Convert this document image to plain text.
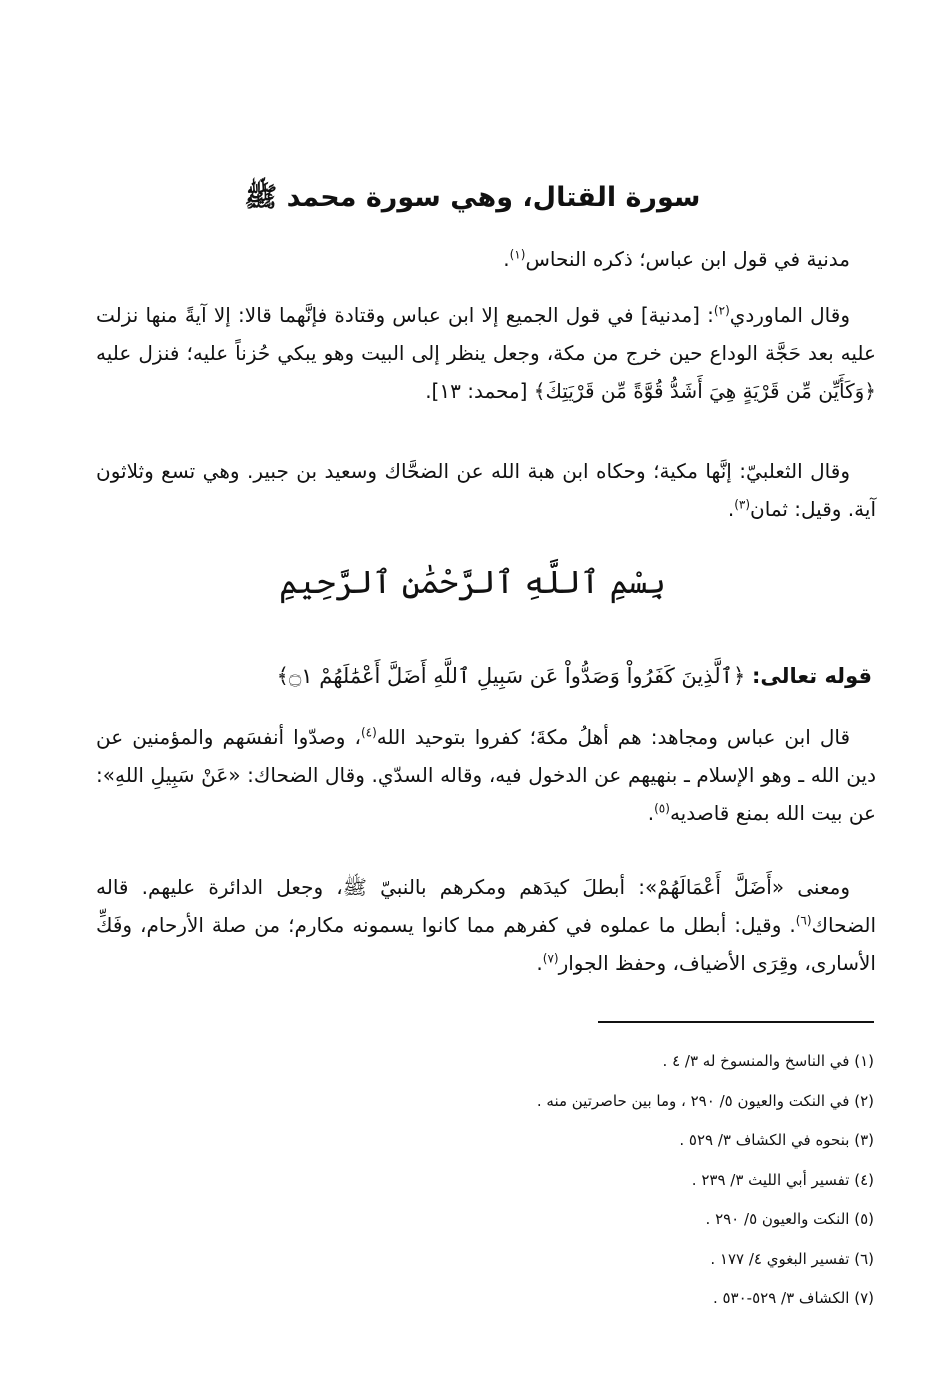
سورة القتال، وهي سورة محمد ﷺ

مدنية في قول ابن عباس؛ ذكره النحاس$^{(١)}$.

وقال الماوردي$^{(٢)}$: [مدنية] في قول الجميع إلا ابن عباس وقتادة فإنَّهما قالا: إلا آيةً منها نزلت عليه بعد حَجَّة الوداع حين خرج من مكة، وجعل ينظر إلى البيت وهو يبكي حُزناً عليه؛ فنزل عليه ﴿وَكَأَيِّن مِّن قَرْيَةٍ هِيَ أَشَدُّ قُوَّةً مِّن قَرْيَتِكَ﴾ [محمد: ١٣].

وقال الثعلبيّ: إنَّها مكية؛ وحكاه ابن هبة الله عن الضحَّاك وسعيد بن جبير. وهي تسع وثلاثون آية. وقيل: ثمان$^{(٣)}$.

بِسْمِ ٱللَّهِ ٱلرَّحْمَٰنِ ٱلرَّحِيمِ
قوله تعالى: ﴿ٱلَّذِينَ كَفَرُواْ وَصَدُّواْ عَن سَبِيلِ ٱللَّهِ أَضَلَّ أَعْمَٰلَهُمْ ۝١﴾

قال ابن عباس ومجاهد: هم أهلُ مكةَ؛ كفروا بتوحيد الله$^{(٤)}$، وصدّوا أنفسَهم والمؤمنين عن دين الله ـ وهو الإسلام ـ بنهيهم عن الدخول فيه، وقاله السدّي. وقال الضحاك: «عَنْ سَبِيلِ اللهِ»: عن بيت الله بمنع قاصديه$^{(٥)}$.

ومعنى «أَضَلَّ أَعْمَالَهُمْ»: أبطلَ كيدَهم ومكرهم بالنبيّ ﷺ، وجعل الدائرة عليهم. قاله الضحاك$^{(٦)}$. وقيل: أبطل ما عملوه في كفرهم مما كانوا يسمونه مكارم؛ من صلة الأرحام، وفَكِّ الأسارى، وقِرَى الأضياف، وحفظ الجوار$^{(٧)}$.

(١) في الناسخ والمنسوخ له ٣/ ٤ .
(٢) في النكت والعيون ٥/ ٢٩٠ ، وما بين حاصرتين منه .
(٣) بنحوه في الكشاف ٣/ ٥٢٩ .
(٤) تفسير أبي الليث ٣/ ٢٣٩ .
(٥) النكت والعيون ٥/ ٢٩٠ .
(٦) تفسير البغوي ٤/ ١٧٧ .
(٧) الكشاف ٣/ ٥٢٩-٥٣٠ .
